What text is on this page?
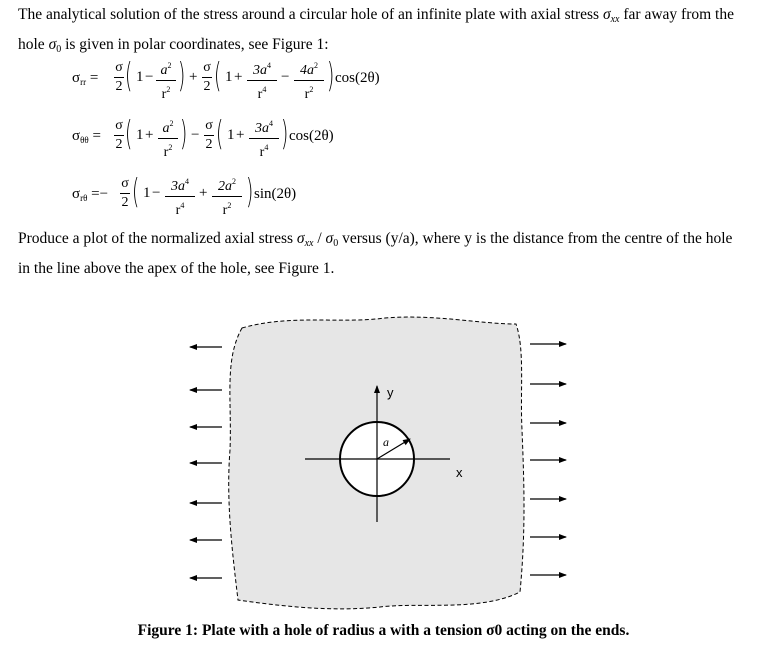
The analytical solution of the stress around a circular hole of an infinite plate with axial stress $\sigma_{xx}$ far away from the hole σ0 is given in polar coordinates, see Figure 1:
$\sigma_{rr}$ =
σ
2 ( $1 - a^2$
$r^2$ ) +
σ
2 ( $1 + 3a^4$
$r^4$
− $4a^2$
$r^2$ ) cos(2θ)
$\sigma_{\theta\theta}$ =
σ
2 ( $1 + a^2$
$r^2$ ) −
σ
2 ( $1 + 3a^4$
$r^4$ ) cos(2θ)
$\sigma_{r\theta}$ =−
σ
2 ( $1 - 3a^4$
$r^4$
+ $2a^2$
$r^2$ ) sin(2θ)
Produce a plot of the normalized axial stress $\sigma_{xx} / \sigma 0$ versus (y/a), where y is the distance from the centre of the hole in the line above the apex of the hole, see Figure 1.
y
x
a
Figure 1: Plate with a hole of radius a with a tension σ0 acting on the ends.
